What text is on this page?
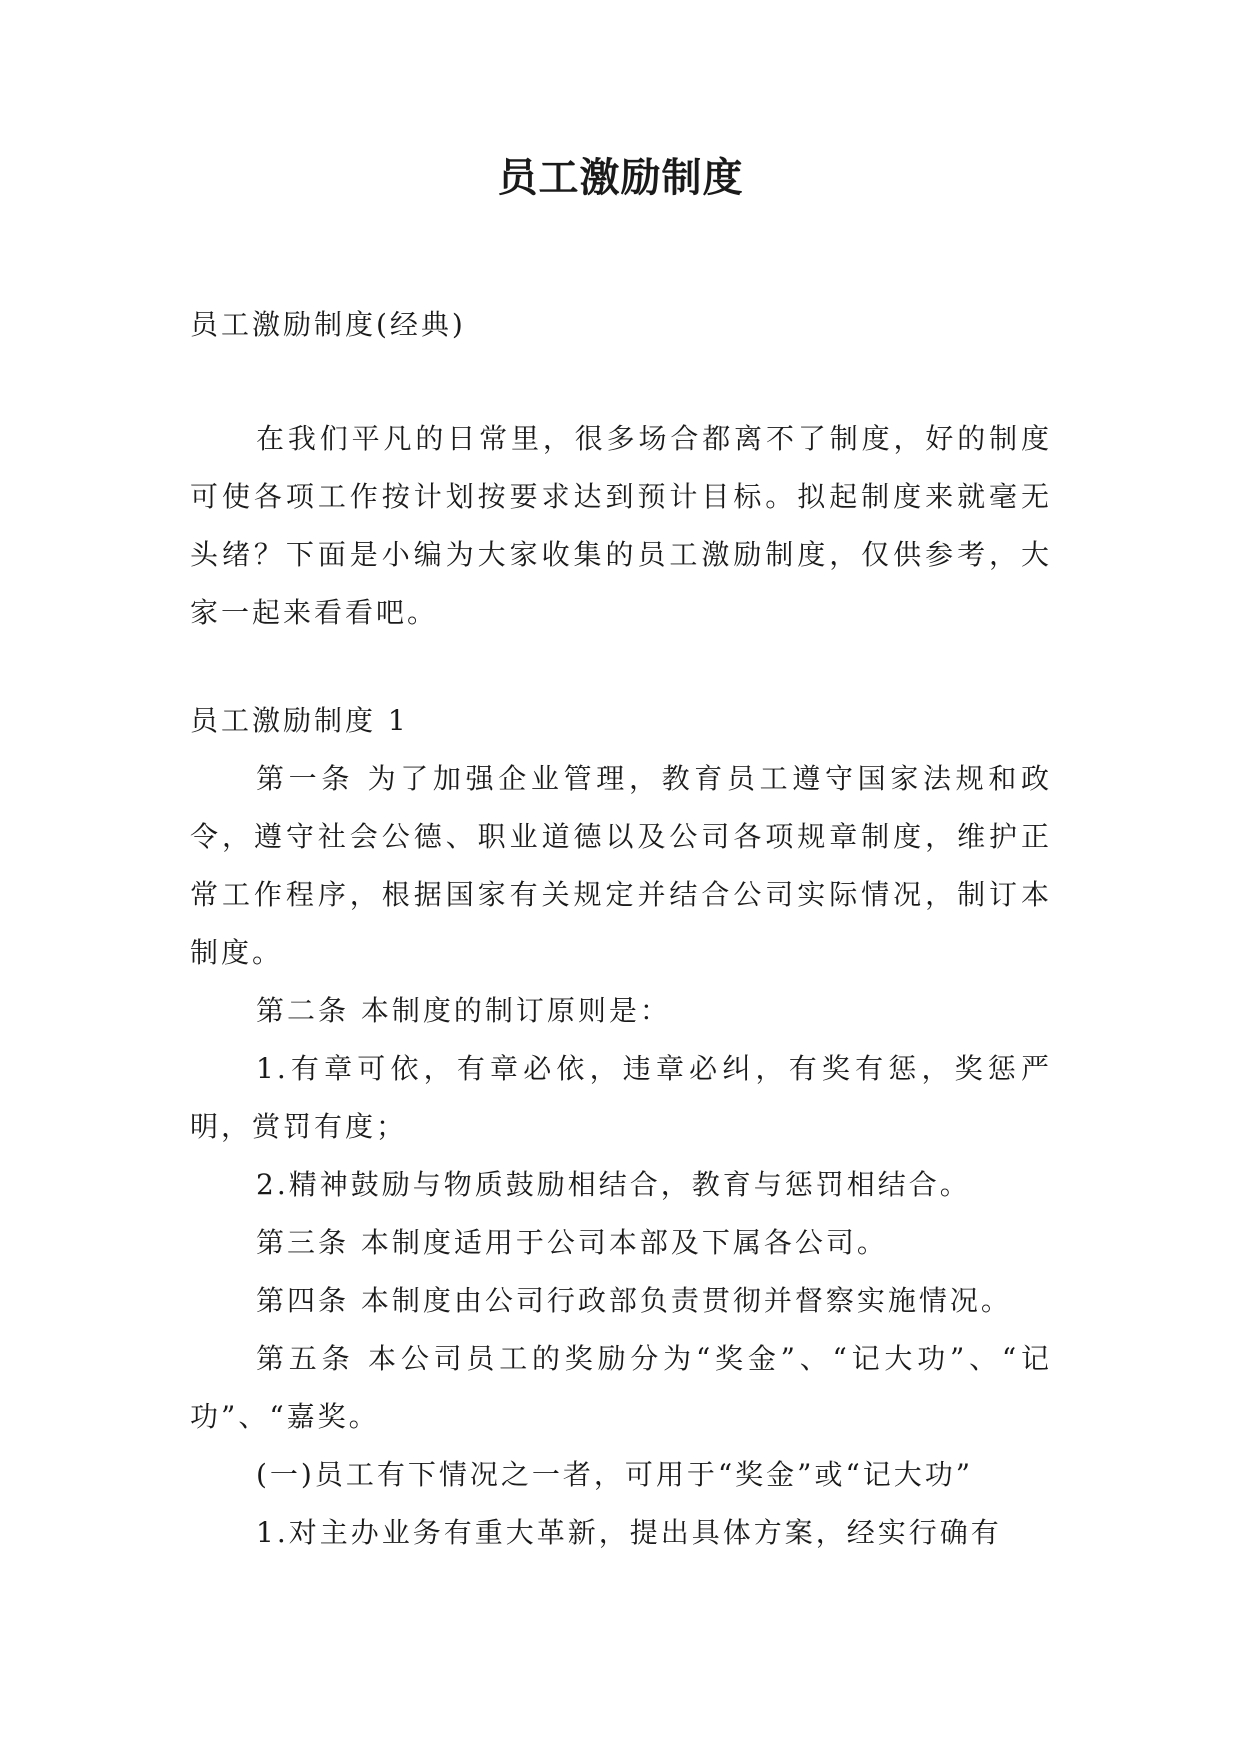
员工激励制度

员工激励制度(经典)

在我们平凡的日常里，很多场合都离不了制度，好的制度可使各项工作按计划按要求达到预计目标。拟起制度来就毫无头绪？下面是小编为大家收集的员工激励制度，仅供参考，大家一起来看看吧。

员工激励制度 1

第一条 为了加强企业管理，教育员工遵守国家法规和政令，遵守社会公德、职业道德以及公司各项规章制度，维护正常工作程序，根据国家有关规定并结合公司实际情况，制订本制度。

第二条 本制度的制订原则是：

1.有章可依，有章必依，违章必纠，有奖有惩，奖惩严明，赏罚有度；

2.精神鼓励与物质鼓励相结合，教育与惩罚相结合。

第三条 本制度适用于公司本部及下属各公司。

第四条 本制度由公司行政部负责贯彻并督察实施情况。

第五条 本公司员工的奖励分为“奖金”、“记大功”、“记功”、“嘉奖。

(一)员工有下情况之一者，可用于“奖金”或“记大功”

1.对主办业务有重大革新，提出具体方案，经实行确有
